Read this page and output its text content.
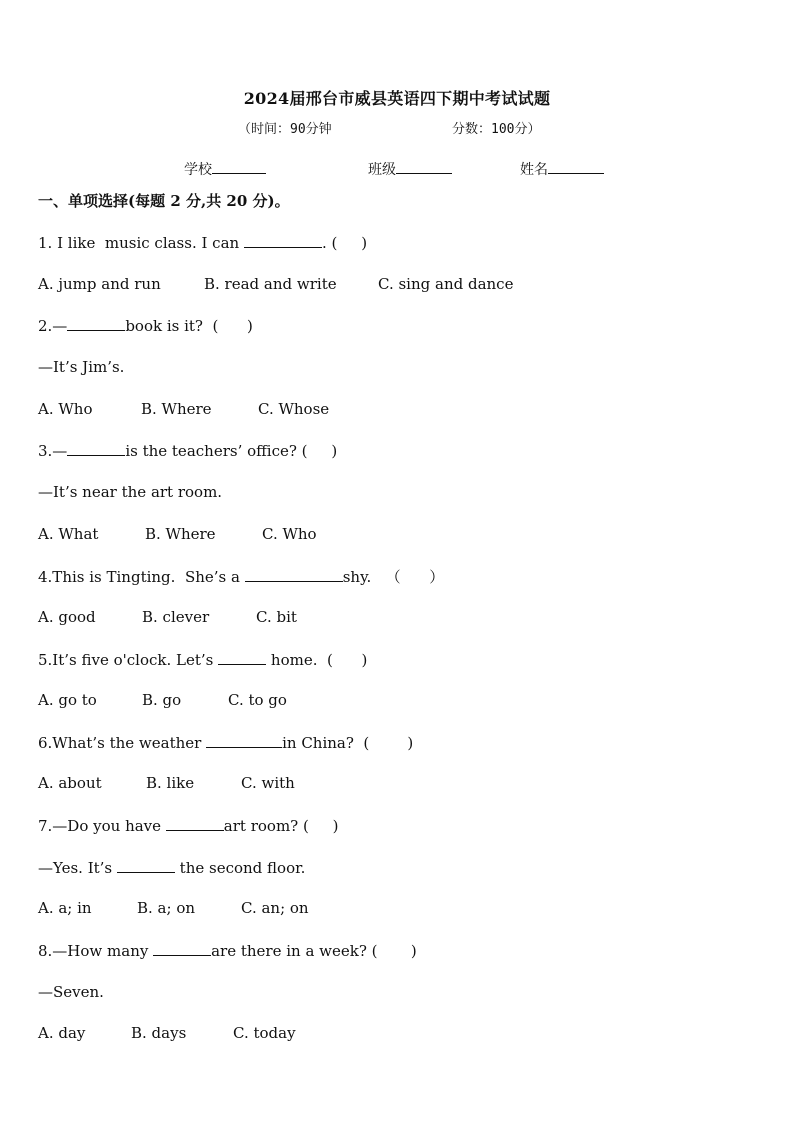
2024届邢台市威县英语四下期中考试试题
（时间：90分钟	分数：100分）
学校	班级	姓名
一、单项选择(每题 2 分,共 20 分)。
1. I like  music class. I can	. (     )
A. jump and run	B. read and write	C. sing and dance
2.—	book is it?  (      )
—It’s Jim’s.
A. Who	B. Where	C. Whose
3.—	is the teachers’ office? (     )
—It’s near the art room.
A. What	B. Where	C. Who
4.This is Tingting.  She’s a	shy.   （      ）
A. good	B. clever	C. bit
5.It’s five o'clock. Let’s	home.  (      )
A. go to	B. go	C. to go
6.What’s the weather	in China?  (        )
A. about	B. like	C. with
7.—Do you have	art room? (     )
—Yes. It’s	the second floor.
A. a; in	B. a; on	C. an; on
8.—How many	are there in a week? (       )
—Seven.
A. day	B. days	C. today
